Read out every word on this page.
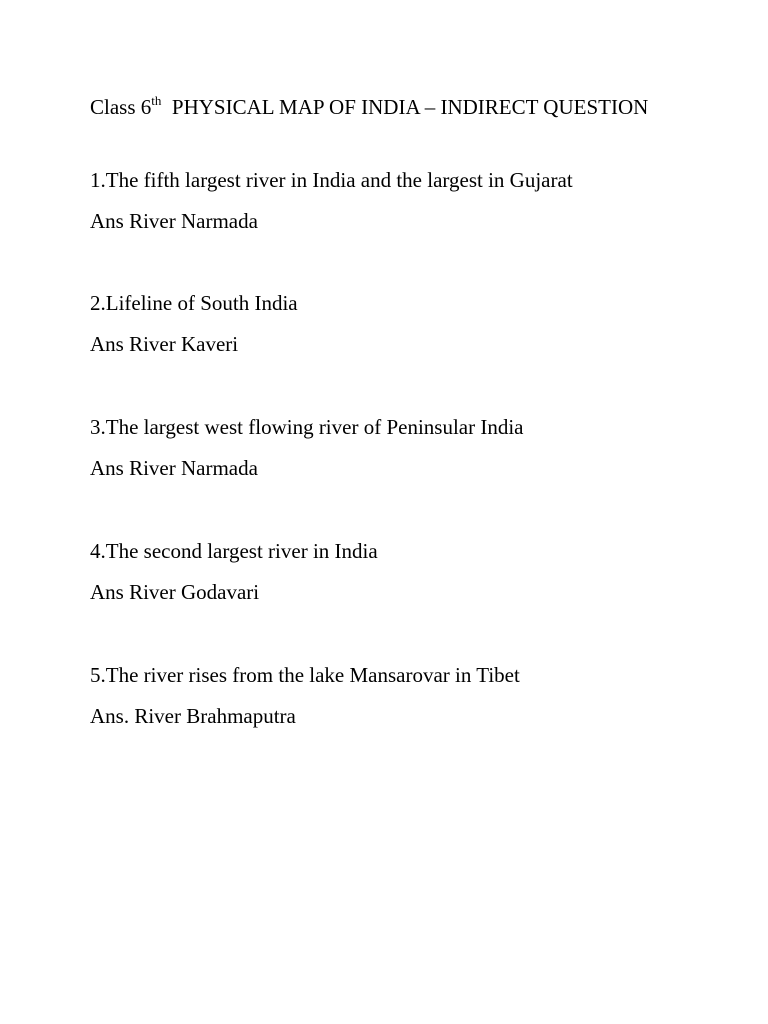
Class 6th PHYSICAL MAP OF INDIA – INDIRECT QUESTION
1.The fifth largest river in India and the largest in Gujarat
Ans River Narmada
2.Lifeline of South India
Ans River Kaveri
3.The largest west flowing river of Peninsular India
Ans River Narmada
4.The second largest river in India
Ans River Godavari
5.The river rises from the lake Mansarovar in Tibet
Ans. River Brahmaputra
